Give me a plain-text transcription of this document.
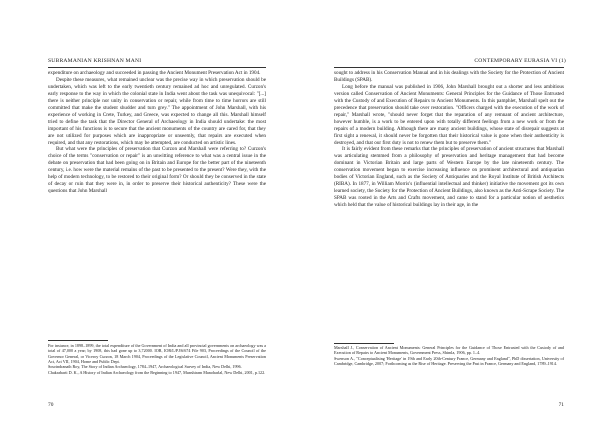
SUBRAMANIAN KRISHNAN MANI

expenditure on archaeology and succeeded in passing the Ancient Monument Preservation Act in 1904.

Despite these measures, what remained unclear was the precise way in which preservation should be undertaken, which was left to the early twentieth century remained ad hoc and unregulated. Curzon's early response to the way in which the colonial state in India went about the task was unequivocal: "[...] there is neither principle nor unity in conservation or repair, while from time to time horrors are still committed that make the student shudder and turn grey." The appointment of John Marshall, with his experience of working in Crete, Turkey, and Greece, was expected to change all this. Marshall himself tried to define the task that the Director General of Archaeology in India should undertake: the most important of his functions is to secure that the ancient monuments of the country are cared for, that they are not utilized for purposes which are inappropriate or unseemly, that repairs are executed when required, and that any restorations, which may be attempted, are conducted on artistic lines.

But what were the principles of preservation that Curzon and Marshall were referring to? Curzon's choice of the terms "conservation or repair" is an unwitting reference to what was a central issue in the debate on preservation that had been going on in Britain and Europe for the better part of the nineteenth century, i.e. how were the material remains of the past to be presented to the present? Were they, with the help of modern technology, to be restored to their original form? Or should they be conserved in the state of decay or ruin that they were in, in order to preserve their historical authenticity? These were the questions that John Marshall

For instance, in 1898–1899, the total expenditure of the Government of India and all provincial governments on archaeology was a total of 47,000 a year; by 1908, this had gone up to 3,72000. IOR, IOR/L/PJ/6/674 File 903, Proceedings of the Council of the Governor General, or Viceroy Curzon, 18 March 1904, Proceedings of the Legislative Council, Ancient Monuments Preservation Act, Act VII, 1904, Home and Public Dept.

Sourindranath Roy, The Story of Indian Archaeology, 1784–1947, Archaeological Survey of India, New Delhi, 1996.

Chakrabarti D. K., A History of Indian Archaeology from the Beginning to 1947, Munshiram Manoharlal, New Delhi, 2001, p.122.

70
CONTEMPORARY EURASIA VI (1)

sought to address in his Conservation Manual and in his dealings with the Society for the Protection of Ancient Buildings (SPAB).

Long before the manual was published in 1906, John Marshall brought out a shorter and less ambitious version called Conservation of Ancient Monuments: General Principles for the Guidance of Those Entrusted with the Custody of and Execution of Repairs to Ancient Monuments. In this pamphlet, Marshall spelt out the precedence that preservation should take over restoration. "Officers charged with the execution of the work of repair," Marshall wrote, "should never forget that the reparation of any remnant of ancient architecture, however humble, is a work to be entered upon with totally different feelings from a new work or from the repairs of a modern building. Although there are many ancient buildings, whose state of disrepair suggests at first sight a renewal, it should never be forgotten that their historical value is gone when their authenticity is destroyed, and that our first duty is not to renew them but to preserve them."

It is fairly evident from these remarks that the principles of preservation of ancient structures that Marshall was articulating stemmed from a philosophy of preservation and heritage management that had become dominant in Victorian Britain and large parts of Western Europe by the late nineteenth century. The conservation movement began to exercise increasing influence on prominent architectural and antiquarian bodies of Victorian England, such as the Society of Antiquaries and the Royal Institute of British Architects (RIBA). In 1877, in William Morris's (influential intellectual and thinker) initiative the movement got its own learned society, the Society for the Protection of Ancient Buildings, also known as the Anti-Scrape Society. The SPAB was rooted in the Arts and Crafts movement, and came to stand for a particular notion of aesthetics which held that the value of historical buildings lay in their age, in the

Marshall J., Conservation of Ancient Monuments: General Principles for the Guidance of Those Entrusted with the Custody of and Execution of Repairs to Ancient Monuments, Government Press, Shimla, 1906, pp. 1–4.

Swenson A., "Conceptualising 'Heritage' in 19th and Early 20th-Century France, Germany and England", PhD dissertation, University of Cambridge, Cambridge, 2007; Forthcoming as the Rise of Heritage. Preserving the Past in France, Germany and England, 1789–1914.

71
